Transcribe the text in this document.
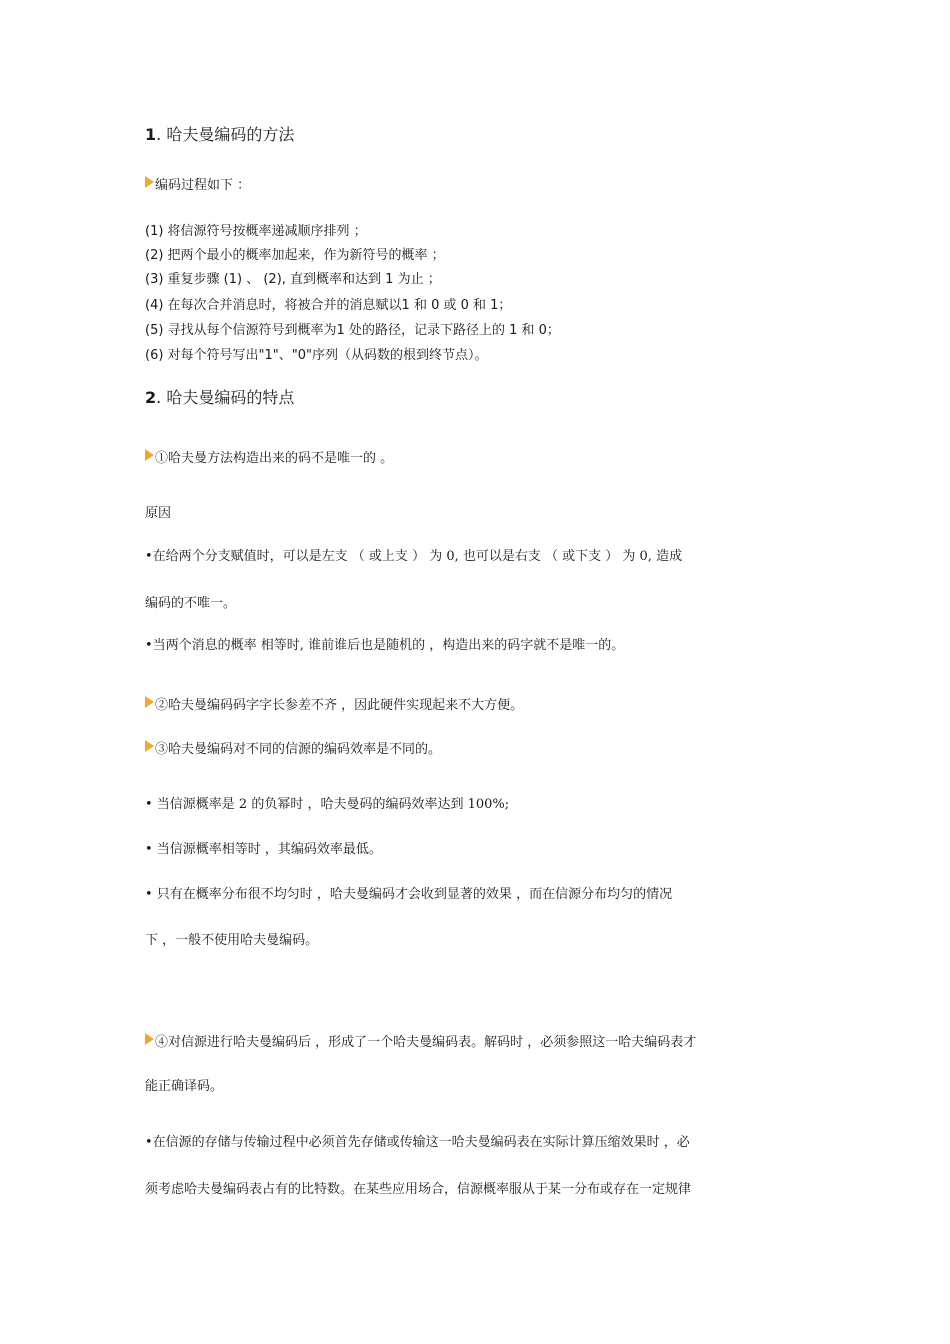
1. 哈夫曼编码的方法
编码过程如下 ：
(1) 将信源符号按概率递减顺序排列 ；
(2) 把两个最小的概率加起来，作为新符号的概率 ；
(3) 重复步骤 (1) 、 (2), 直到概率和达到 1 为止 ；
(4) 在每次合并消息时，将被合并的消息赋以1 和 0 或 0 和 1；
(5) 寻找从每个信源符号到概率为1 处的路径，记录下路径上的 1 和 0；
(6) 对每个符号写出"1"、"0"序列（从码数的根到终节点）。
2. 哈夫曼编码的特点
①哈夫曼方法构造出来的码不是唯一的 。
原因
•在给两个分支赋值时，可以是左支 （ 或上支 ） 为 0, 也可以是右支 （ 或下支 ） 为 0, 造成
编码的不唯一。
•当两个消息的概率 相等时, 谁前谁后也是随机的 ，构造出来的码字就不是唯一的。
②哈夫曼编码码字字长参差不齐 ，因此硬件实现起来不大方便。
③哈夫曼编码对不同的信源的编码效率是不同的。
• 当信源概率是 2 的负幂时 ，哈夫曼码的编码效率达到 100%;
• 当信源概率相等时 ，其编码效率最低。
• 只有在概率分布很不均匀时 ，哈夫曼编码才会收到显著的效果 ，而在信源分布均匀的情况
下 ，一般不使用哈夫曼编码。
④对信源进行哈夫曼编码后 ，形成了一个哈夫曼编码表。解码时 ，必须参照这一哈夫编码表才
能正确译码。
•在信源的存储与传输过程中必须首先存储或传输这一哈夫曼编码表在实际计算压缩效果时 ，必
须考虑哈夫曼编码表占有的比特数。在某些应用场合，信源概率服从于某一分布或存在一定规律
